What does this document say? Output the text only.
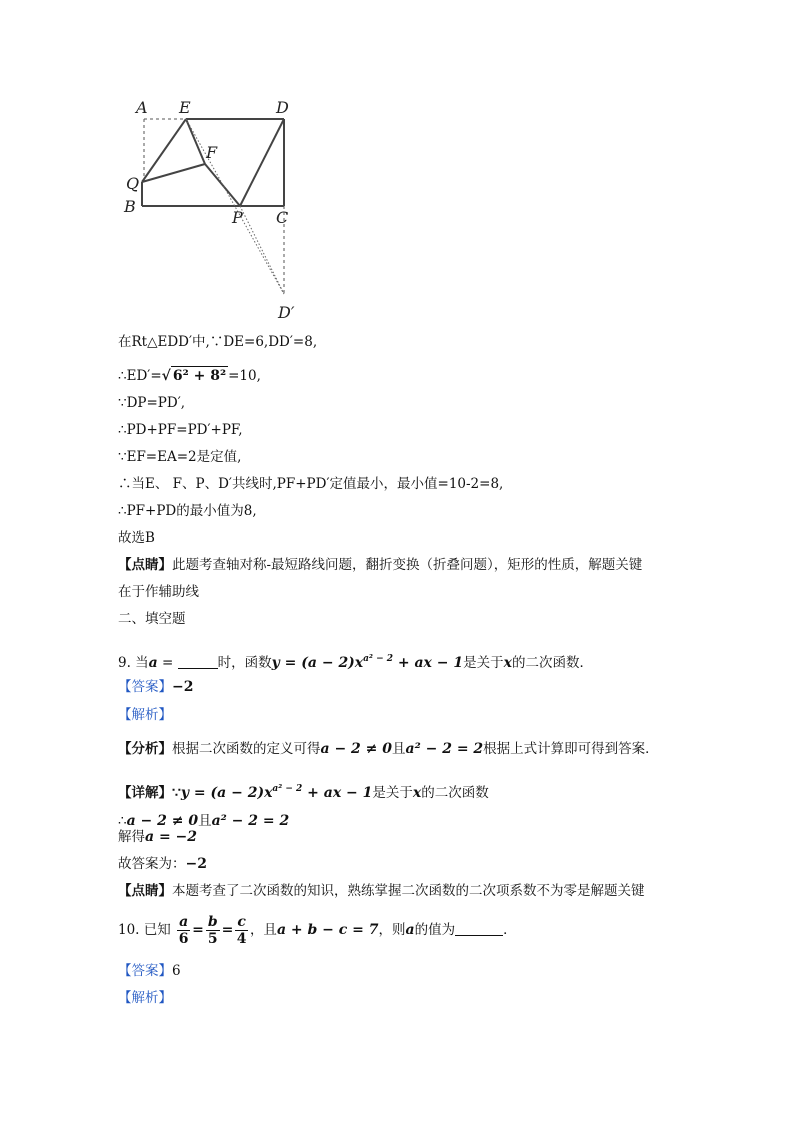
A E	D
F
Q
B
P C
D′
在Rt△EDD′中,∵DE=6,DD′=8,
∴ED′=√ 6² + 8² =10,
∵DP=PD′,
∴PD+PF=PD′+PF,
∵EF=EA=2是定值,
∴当E、 F、P、D′共线时,PF+PD′定值最小，最小值=10-2=8,
∴PF+PD的最小值为8,
故选B
【点睛】此题考查轴对称-最短路线问题，翻折变换（折叠问题），矩形的性质，解题关键
在于作辅助线
二、填空题
9. 当a =	时，函数$y = (a - 2)x^{a^2 - 2}$ + ax − 1是关于x的二次函数．
【答案】−2
【解析】
【分析】根据二次函数的定义可得a − 2 ≠ 0且a² − 2 = 2根据上式计算即可得到答案．
【详解】∵y = $(a - 2)x^{a^2 - 2}$ + ax − 1是关于x的二次函数
∴a − 2 ≠ 0且a² − 2 = 2
解得a = −2
故答案为：−2
【点睛】本题考查了二次函数的知识，熟练掌握二次函数的二次项系数不为零是解题关键
10. 已知 $\frac{a}{6} = \frac{b}{5} = \frac{c}{4}$ ，且a + b − c = 7，则a的值为	．
【答案】6
【解析】
